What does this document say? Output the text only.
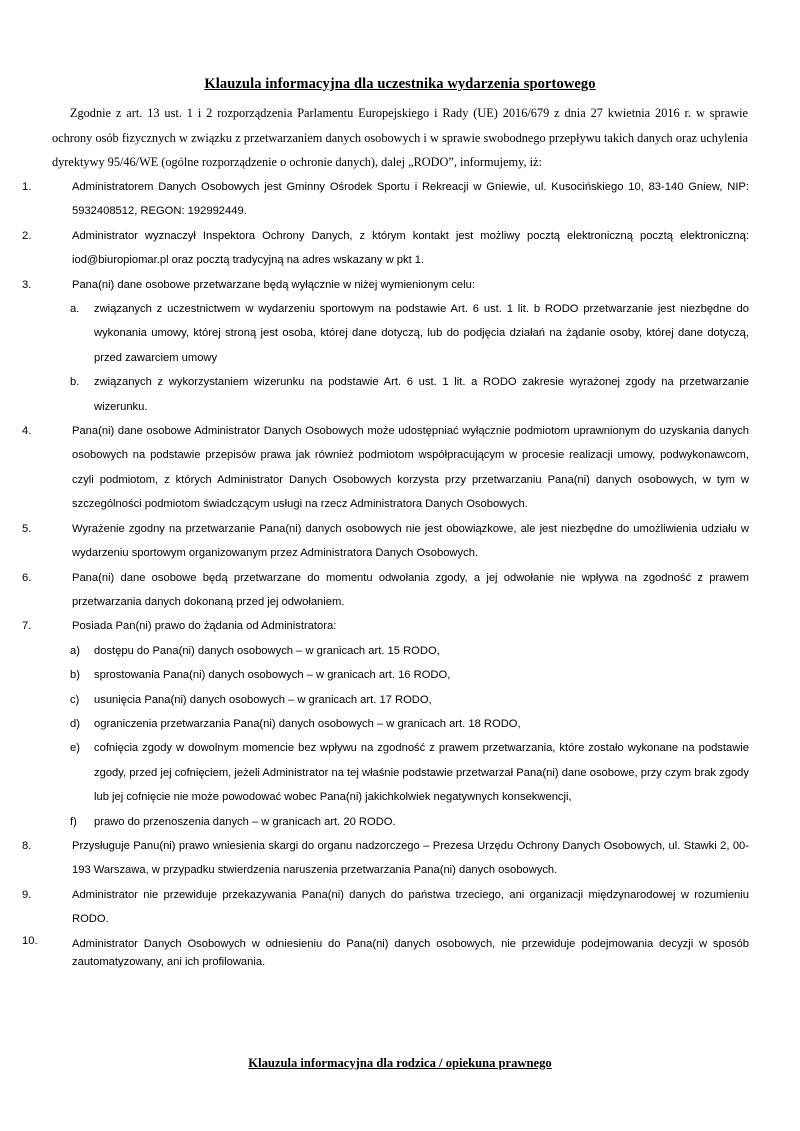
Klauzula informacyjna dla uczestnika wydarzenia sportowego

Zgodnie z art. 13 ust. 1 i 2 rozporządzenia Parlamentu Europejskiego i Rady (UE) 2016/679 z dnia 27 kwietnia 2016 r. w sprawie ochrony osób fizycznych w związku z przetwarzaniem danych osobowych i w sprawie swobodnego przepływu takich danych oraz uchylenia dyrektywy 95/46/WE (ogólne rozporządzenie o ochronie danych), dalej „RODO”, informujemy, iż:

1.	Administratorem Danych Osobowych jest Gminny Ośrodek Sportu i Rekreacji w Gniewie, ul. Kusocińskiego 10, 83-140 Gniew, NIP: 5932408512, REGON: 192992449.
2.	Administrator wyznaczył Inspektora Ochrony Danych, z którym kontakt jest możliwy pocztą elektroniczną pocztą elektroniczną: iod@biuropiomar.pl oraz pocztą tradycyjną na adres wskazany w pkt 1.
3.	Pana(ni) dane osobowe przetwarzane będą wyłącznie w niżej wymienionym celu:
a. związanych z uczestnictwem w wydarzeniu sportowym na podstawie Art. 6 ust. 1 lit. b RODO przetwarzanie jest niezbędne do wykonania umowy, której stroną jest osoba, której dane dotyczą, lub do podjęcia działań na żądanie osoby, której dane dotyczą, przed zawarciem umowy
b. związanych z wykorzystaniem wizerunku na podstawie Art. 6 ust. 1 lit. a RODO zakresie wyrażonej zgody na przetwarzanie wizerunku.
4.	Pana(ni) dane osobowe Administrator Danych Osobowych może udostępniać wyłącznie podmiotom uprawnionym do uzyskania danych osobowych na podstawie przepisów prawa jak również podmiotom współpracującym w procesie realizacji umowy, podwykonawcom, czyli podmiotom, z których Administrator Danych Osobowych korzysta przy przetwarzaniu Pana(ni) danych osobowych, w tym w szczególności podmiotom świadczącym usługi na rzecz Administratora Danych Osobowych.
5.	Wyrażenie zgodny na przetwarzanie Pana(ni) danych osobowych nie jest obowiązkowe, ale jest niezbędne do umożliwienia udziału w wydarzeniu sportowym organizowanym przez Administratora Danych Osobowych.
6.	Pana(ni) dane osobowe będą przetwarzane do momentu odwołania zgody, a jej odwołanie nie wpływa na zgodność z prawem przetwarzania danych dokonaną przed jej odwołaniem.
7.	Posiada Pan(ni) prawo do żądania od Administratora:
a) dostępu do Pana(ni) danych osobowych – w granicach art. 15 RODO,
b) sprostowania Pana(ni) danych osobowych – w granicach art. 16 RODO,
c) usunięcia Pana(ni) danych osobowych – w granicach art. 17 RODO,
d) ograniczenia przetwarzania Pana(ni) danych osobowych – w granicach art. 18 RODO,
e) cofnięcia zgody w dowolnym momencie bez wpływu na zgodność z prawem przetwarzania, które zostało wykonane na podstawie zgody, przed jej cofnięciem, jeżeli Administrator na tej właśnie podstawie przetwarzał Pana(ni) dane osobowe, przy czym brak zgody lub jej cofnięcie nie może powodować wobec Pana(ni) jakichkolwiek negatywnych konsekwencji,
f) prawo do przenoszenia danych – w granicach art. 20 RODO.
8.	Przysługuje Panu(ni) prawo wniesienia skargi do organu nadzorczego – Prezesa Urzędu Ochrony Danych Osobowych, ul. Stawki 2, 00-193 Warszawa, w przypadku stwierdzenia naruszenia przetwarzania Pana(ni) danych osobowych.
9.	Administrator nie przewiduje przekazywania Pana(ni) danych do państwa trzeciego, ani organizacji międzynarodowej w rozumieniu RODO.
10.	Administrator Danych Osobowych w odniesieniu do Pana(ni) danych osobowych, nie przewiduje podejmowania decyzji w sposób zautomatyzowany, ani ich profilowania.
Klauzula informacyjna dla rodzica / opiekuna prawnego
